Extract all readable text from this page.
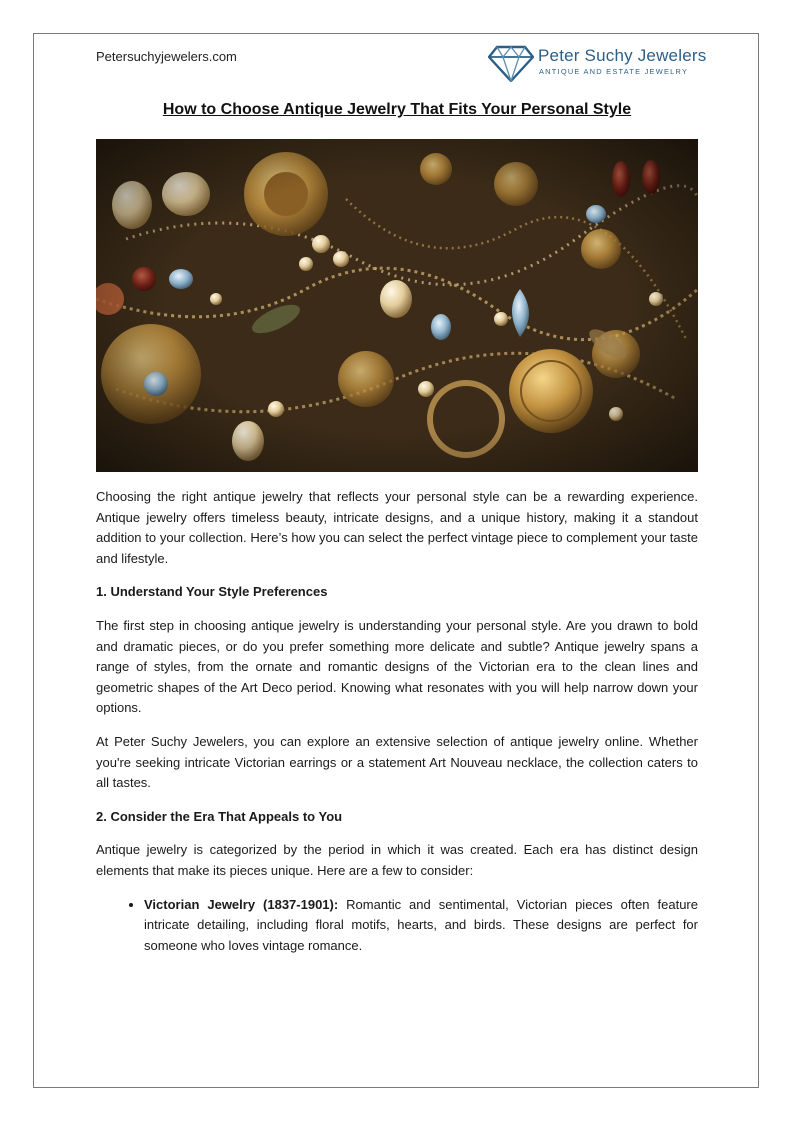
Petersuchyjewelers.com	Peter Suchy Jewelers
ANTIQUE AND ESTATE JEWELRY
How to Choose Antique Jewelry That Fits Your Personal Style

Choosing the right antique jewelry that reflects your personal style can be a rewarding experience. Antique jewelry offers timeless beauty, intricate designs, and a unique history, making it a standout addition to your collection. Here’s how you can select the perfect vintage piece to complement your taste and lifestyle.

1. Understand Your Style Preferences

The first step in choosing antique jewelry is understanding your personal style. Are you drawn to bold and dramatic pieces, or do you prefer something more delicate and subtle? Antique jewelry spans a range of styles, from the ornate and romantic designs of the Victorian era to the clean lines and geometric shapes of the Art Deco period. Knowing what resonates with you will help narrow down your options.

At Peter Suchy Jewelers, you can explore an extensive selection of antique jewelry online. Whether you're seeking intricate Victorian earrings or a statement Art Nouveau necklace, the collection caters to all tastes.

2. Consider the Era That Appeals to You

Antique jewelry is categorized by the period in which it was created. Each era has distinct design elements that make its pieces unique. Here are a few to consider:

• Victorian Jewelry (1837-1901): Romantic and sentimental, Victorian pieces often feature intricate detailing, including floral motifs, hearts, and birds. These designs are perfect for someone who loves vintage romance.
